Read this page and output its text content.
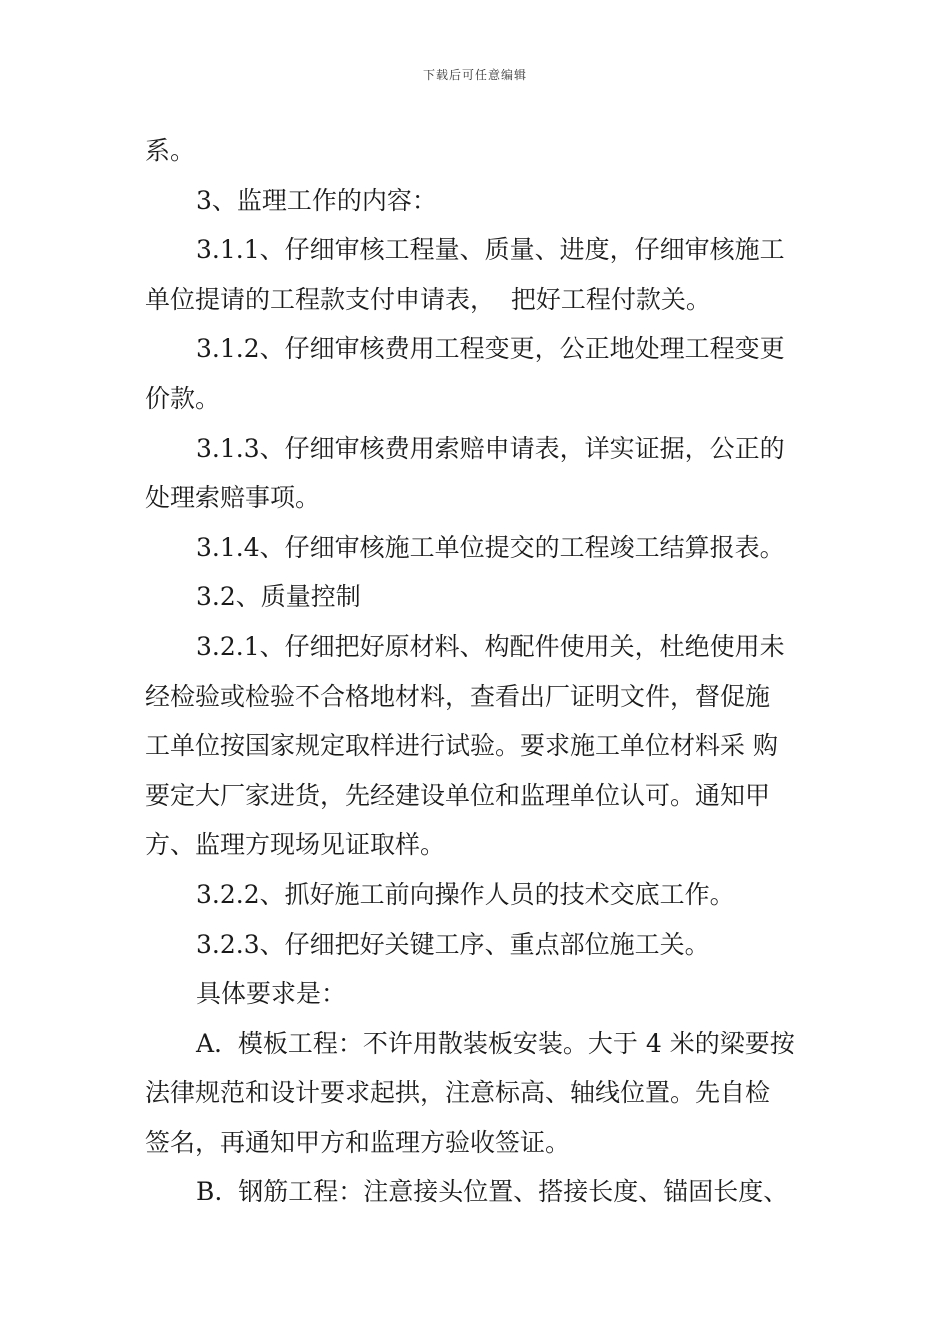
下载后可任意编辑
系。
3、监理工作的内容：
3.1.1、仔细审核工程量、质量、进度，仔细审核施工
单位提请的工程款支付申请表，  把好工程付款关。
3.1.2、仔细审核费用工程变更，公正地处理工程变更
价款。
3.1.3、仔细审核费用索赔申请表，详实证据，公正的
处理索赔事项。
3.1.4、仔细审核施工单位提交的工程竣工结算报表。
3.2、质量控制
3.2.1、仔细把好原材料、构配件使用关，杜绝使用未
经检验或检验不合格地材料，查看出厂证明文件，督促施
工单位按国家规定取样进行试验。要求施工单位材料采 购
要定大厂家进货，先经建设单位和监理单位认可。通知甲
方、监理方现场见证取样。
3.2.2、抓好施工前向操作人员的技术交底工作。
3.2.3、仔细把好关键工序、重点部位施工关。
具体要求是：
A.  模板工程：不许用散装板安装。大于 4 米的梁要按
法律规范和设计要求起拱，注意标高、轴线位置。先自检
签名，再通知甲方和监理方验收签证。
B.  钢筋工程：注意接头位置、搭接长度、锚固长度、
